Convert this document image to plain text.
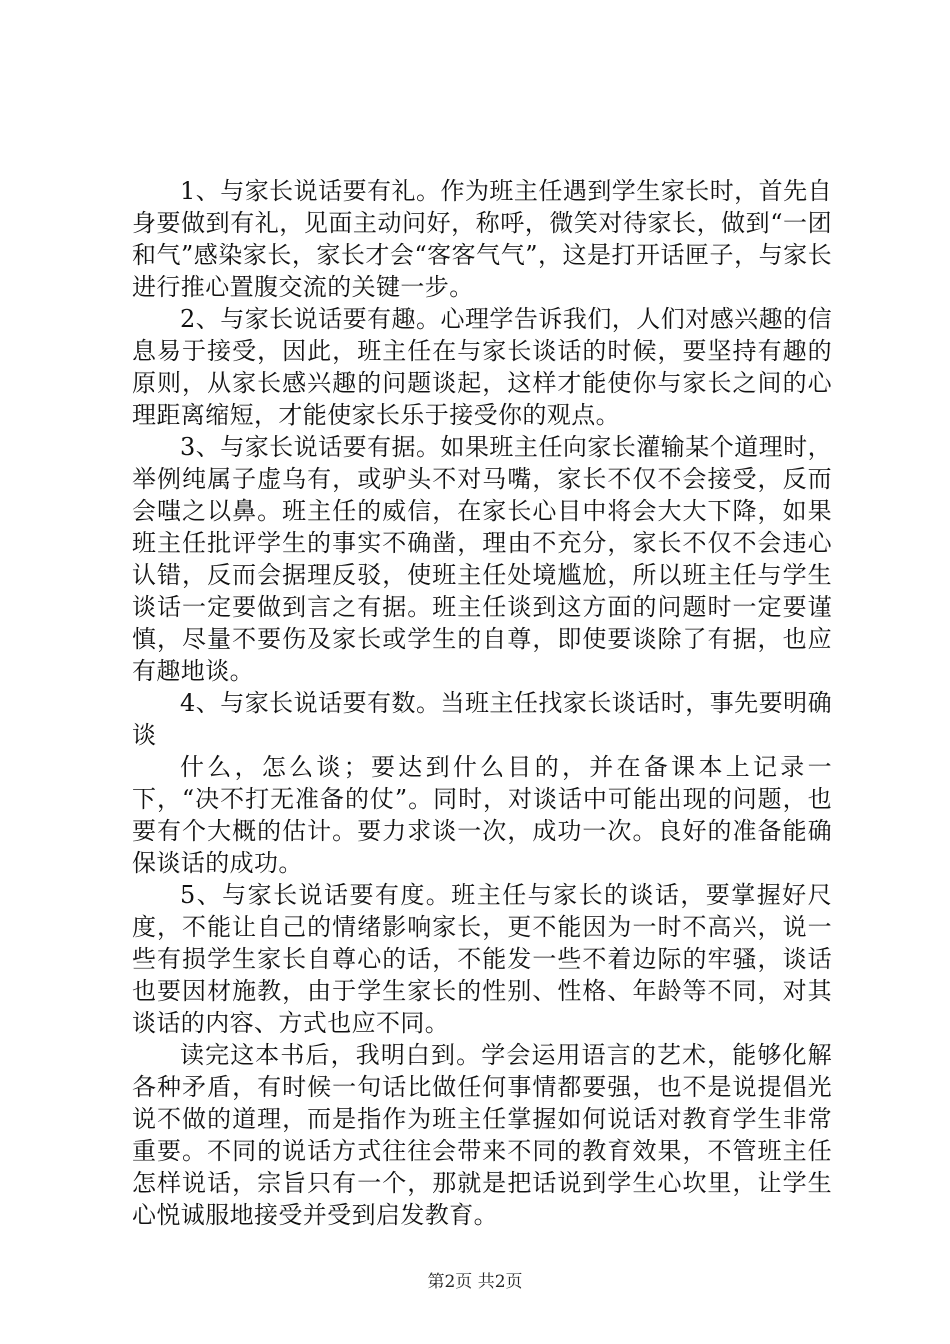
1、与家长说话要有礼。作为班主任遇到学生家长时，首先自身要做到有礼，见面主动问好，称呼，微笑对待家长，做到“一团和气”感染家长，家长才会“客客气气”，这是打开话匣子，与家长进行推心置腹交流的关键一步。

2、与家长说话要有趣。心理学告诉我们，人们对感兴趣的信息易于接受，因此，班主任在与家长谈话的时候，要坚持有趣的原则，从家长感兴趣的问题谈起，这样才能使你与家长之间的心理距离缩短，才能使家长乐于接受你的观点。

3、与家长说话要有据。如果班主任向家长灌输某个道理时，举例纯属子虚乌有，或驴头不对马嘴，家长不仅不会接受，反而会嗤之以鼻。班主任的威信，在家长心目中将会大大下降，如果班主任批评学生的事实不确凿，理由不充分，家长不仅不会违心认错，反而会据理反驳，使班主任处境尴尬，所以班主任与学生谈话一定要做到言之有据。班主任谈到这方面的问题时一定要谨慎，尽量不要伤及家长或学生的自尊，即使要谈除了有据，也应有趣地谈。

4、与家长说话要有数。当班主任找家长谈话时，事先要明确谈

什么，怎么谈；要达到什么目的，并在备课本上记录一下，“决不打无准备的仗”。同时，对谈话中可能出现的问题，也要有个大概的估计。要力求谈一次，成功一次。良好的准备能确保谈话的成功。

5、与家长说话要有度。班主任与家长的谈话，要掌握好尺度，不能让自己的情绪影响家长，更不能因为一时不高兴，说一些有损学生家长自尊心的话，不能发一些不着边际的牢骚，谈话也要因材施教，由于学生家长的性别、性格、年龄等不同，对其谈话的内容、方式也应不同。

读完这本书后，我明白到。学会运用语言的艺术，能够化解各种矛盾，有时候一句话比做任何事情都要强，也不是说提倡光说不做的道理，而是指作为班主任掌握如何说话对教育学生非常重要。不同的说话方式往往会带来不同的教育效果，不管班主任怎样说话，宗旨只有一个，那就是把话说到学生心坎里，让学生心悦诚服地接受并受到启发教育。

第2页 共2页
